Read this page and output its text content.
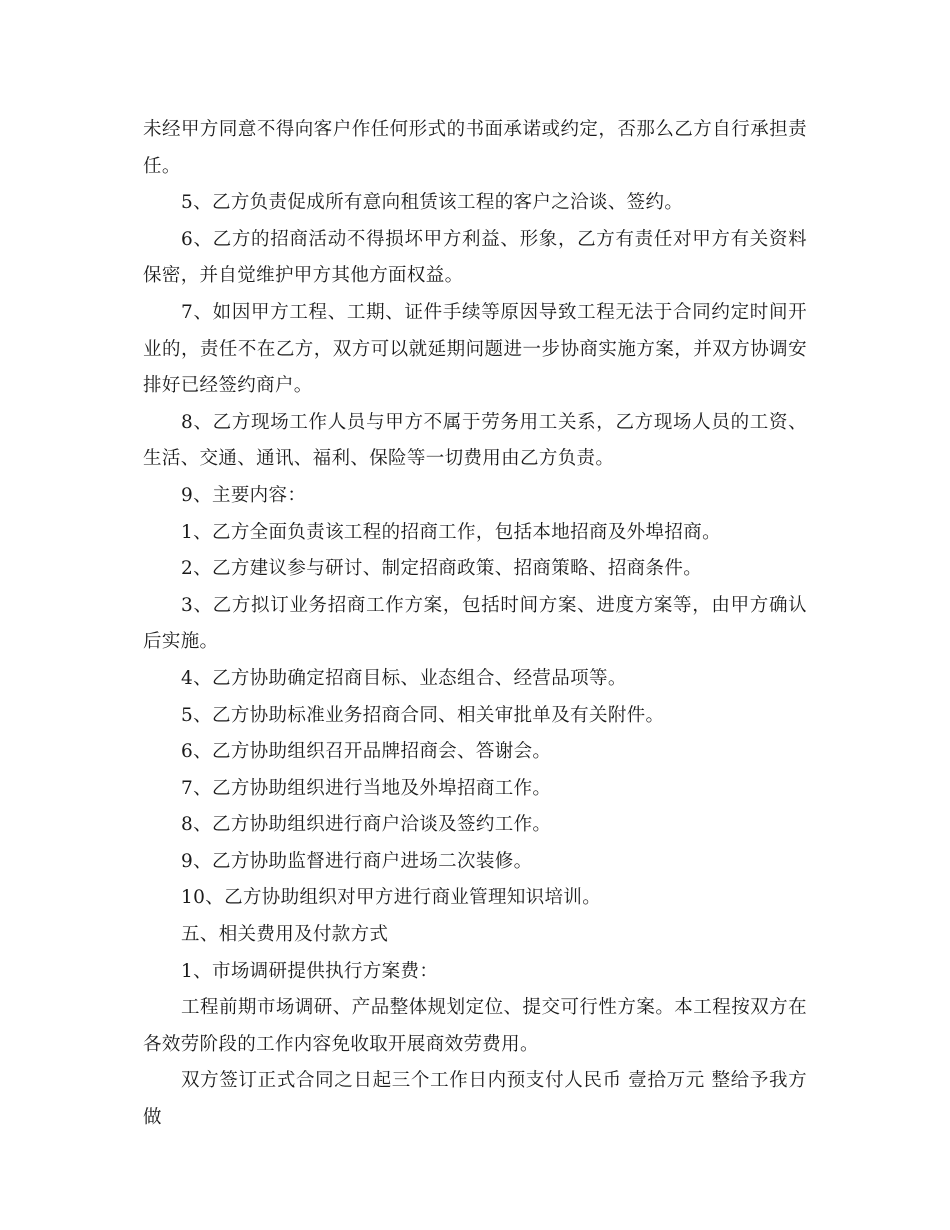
未经甲方同意不得向客户作任何形式的书面承诺或约定，否那么乙方自行承担责任。

5、乙方负责促成所有意向租赁该工程的客户之洽谈、签约。

6、乙方的招商活动不得损坏甲方利益、形象，乙方有责任对甲方有关资料保密，并自觉维护甲方其他方面权益。

7、如因甲方工程、工期、证件手续等原因导致工程无法于合同约定时间开业的，责任不在乙方，双方可以就延期问题进一步协商实施方案，并双方协调安排好已经签约商户。

8、乙方现场工作人员与甲方不属于劳务用工关系，乙方现场人员的工资、生活、交通、通讯、福利、保险等一切费用由乙方负责。

9、主要内容：

1、乙方全面负责该工程的招商工作，包括本地招商及外埠招商。

2、乙方建议参与研讨、制定招商政策、招商策略、招商条件。

3、乙方拟订业务招商工作方案，包括时间方案、进度方案等，由甲方确认后实施。

4、乙方协助确定招商目标、业态组合、经营品项等。

5、乙方协助标准业务招商合同、相关审批单及有关附件。

6、乙方协助组织召开品牌招商会、答谢会。

7、乙方协助组织进行当地及外埠招商工作。

8、乙方协助组织进行商户洽谈及签约工作。

9、乙方协助监督进行商户进场二次装修。

10、乙方协助组织对甲方进行商业管理知识培训。

五、相关费用及付款方式

1、市场调研提供执行方案费：

工程前期市场调研、产品整体规划定位、提交可行性方案。本工程按双方在各效劳阶段的工作内容免收取开展商效劳费用。

双方签订正式合同之日起三个工作日内预支付人民币 壹拾万元 整给予我方做
